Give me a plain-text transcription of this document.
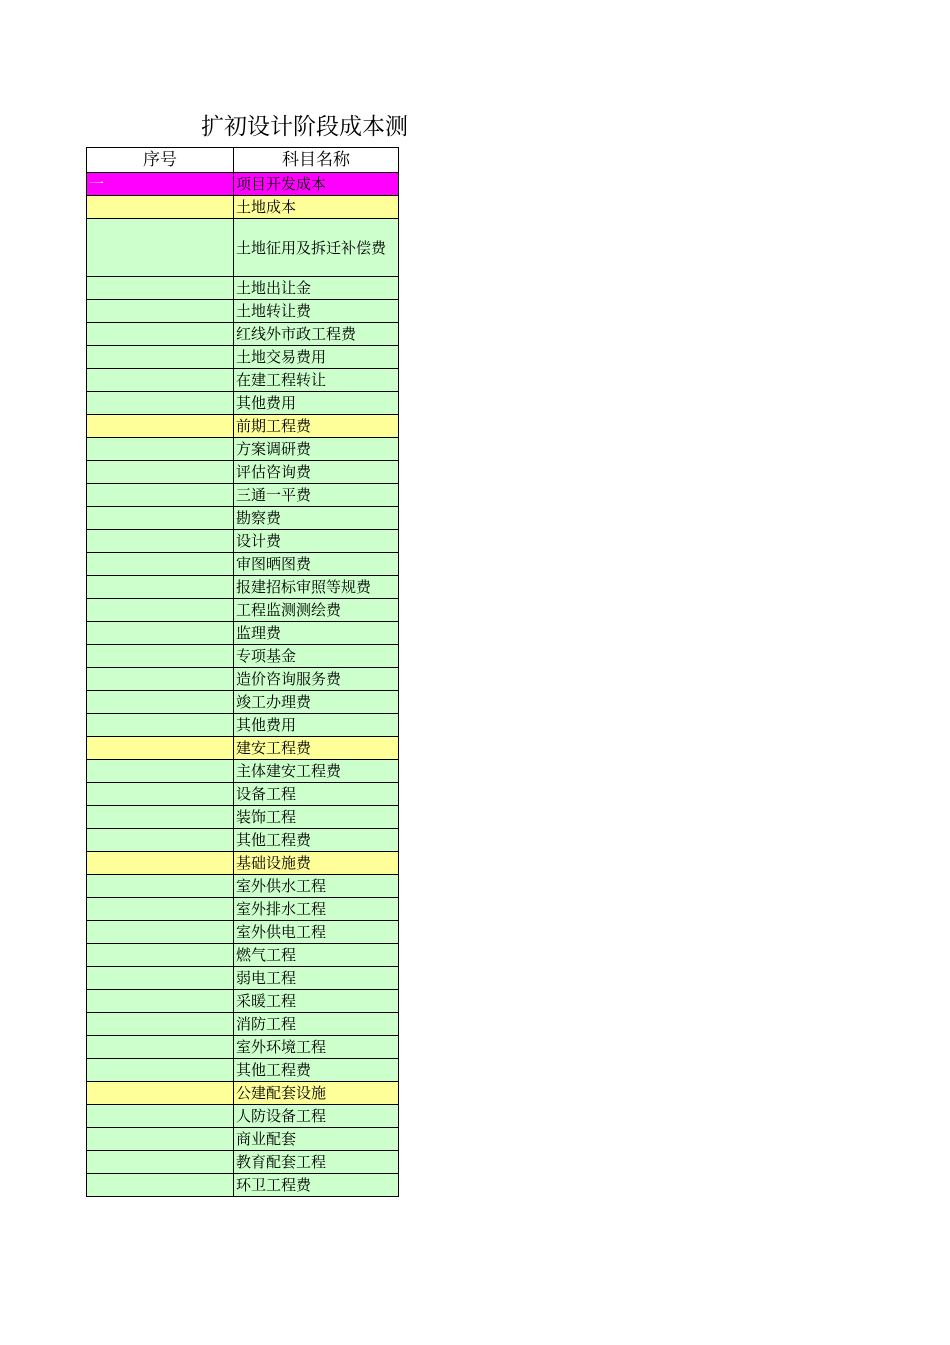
扩初设计阶段成本测
序号	科目名称
一	项目开发成本
	土地成本
	土地征用及拆迁补偿费
	土地出让金
	土地转让费
	红线外市政工程费
	土地交易费用
	在建工程转让
	其他费用
	前期工程费
	方案调研费
	评估咨询费
	三通一平费
	勘察费
	设计费
	审图晒图费
	报建招标审照等规费
	工程监测测绘费
	监理费
	专项基金
	造价咨询服务费
	竣工办理费
	其他费用
	建安工程费
	主体建安工程费
	设备工程
	装饰工程
	其他工程费
	基础设施费
	室外供水工程
	室外排水工程
	室外供电工程
	燃气工程
	弱电工程
	采暖工程
	消防工程
	室外环境工程
	其他工程费
	公建配套设施
	人防设备工程
	商业配套
	教育配套工程
	环卫工程费
